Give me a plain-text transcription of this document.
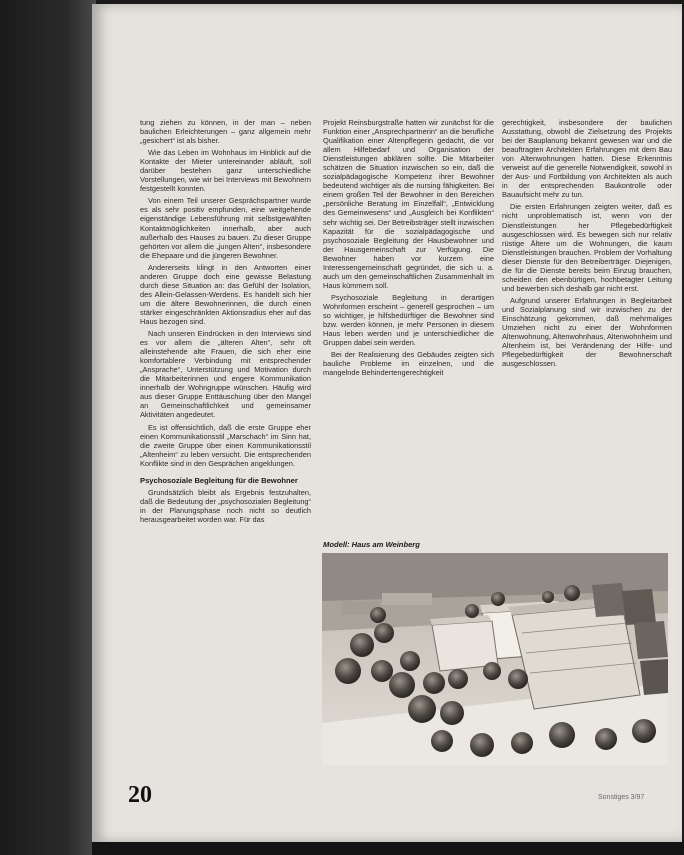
tung ziehen zu können, in der man – neben baulichen Erleichterungen – ganz allgemein mehr „gesichert“ ist als bisher.

Wie das Leben im Wohnhaus im Hinblick auf die Kontakte der Mieter untereinander abläuft, soll darüber bestehen ganz unterschiedliche Vorstellungen, wie wir bei Interviews mit Bewohnern festgestellt konnten.

Von einem Teil unserer Gesprächspartner wurde es als sehr positiv empfunden, eine weitgehende eigenständige Lebensführung mit selbstgewählten Kontaktmöglichkeiten innerhalb, aber auch außerhalb des Hauses zu bauen. Zu dieser Gruppe gehörten vor allem die „jungen Alten“, insbesondere die Ehepaare und die jüngeren Bewohner.

Andererseits klingt in den Antworten einer anderen Gruppe doch eine gewisse Belastung durch diese Situation an: das Gefühl der Isolation, des Allein-Gelassen-Werdens. Es handelt sich hier um die ältere Bewohnerinnen, die durch einen stärker eingeschränkten Aktionsradius eher auf das Haus bezogen sind.

Nach unseren Eindrücken in den Interviews sind es vor allem die „älteren Alten“, sehr oft alleinstehende alte Frauen, die sich eher eine komfortablere Verbindung mit entsprechender „Ansprache“, Unterstützung und Motivation durch die Mitarbeiterinnen und engere Kommunikation innerhalb der Wohngruppe wünschen. Häufig wird aus dieser Gruppe Enttäuschung über den Mangel an Gemeinschaftlichkeit und gemeinsamer Aktivitäten angedeutet.

Es ist offensichtlich, daß die erste Gruppe eher einen Kommunikationsstil „Marschach“ im Sinn hat, die zweite Gruppe über einen Kommunikationsstil „Altenheim“ zu leben versucht. Die entsprechenden Konflikte sind in den Gesprächen angeklungen.

Psychosoziale Begleitung für die Bewohner

Grundsätzlich bleibt als Ergebnis festzuhalten, daß die Bedeutung der „psychosozialen Begleitung“ in der Planungsphase noch nicht so deutlich herausgearbeitet worden war. Für das

Projekt Reinsburgstraße hatten wir zunächst für die Funktion einer „Ansprechpartnerin“ an die berufliche Qualifikation einer Altenpflegerin gedacht, die vor allem Hilfebedarf und Organisation der Dienstleistungen abklären sollte. Die Mitarbeiter schätzen die Situation inzwischen so ein, daß die sozialpädagogische Kompetenz ihrer Bewohner bedeutend wichtiger als die nursing fähigkeiten. Bei einem großen Teil der Bewohner in den Bereichen „persönliche Beratung im Einzelfall“, „Entwicklung des Gemeinwesens“ und „Ausgleich bei Konflikten“ sehr wichtig sei. Der Betreibsträger stellt inzwischen Kapazität für die sozialpädagogische und psychosoziale Begleitung der Hausbewohner und der Hausgemeinschaft zur Verfügung. Die Bewohner haben vor kurzem eine Interessengemeinschaft gegründet, die sich u. a. auch um den gemeinschaftlichen Zusammenhalt im Haus kümmern soll.

Psychosoziale Begleitung in derartigen Wohnformen erscheint – generell gesprochen – um so wichtiger, je hilfsbedürftiger die Bewohner sind bzw. werden können, je mehr Personen in diesem Haus leben werden und je unterschiedlicher die Gruppen dabei sein werden.

Bei der Realisierung des Gebäudes zeigten sich bauliche Probleme im einzelnen, und die mangelnde Behindertengerechtigkeit

gerechtigkeit, insbesondere der baulichen Ausstattung, obwohl die Zielsetzung des Projekts bei der Bauplanung bekannt gewesen war und die beauftragten Architekten Erfahrungen mit dem Bau von Altenwohnungen hatten. Diese Erkenntnis verweist auf die generelle Notwendigkeit, sowohl in der Aus- und Fortbildung von Architekten als auch in der entsprechenden Baukontrolle oder Bauaufsicht mehr zu tun.

Die ersten Erfahrungen zeigten weiter, daß es nicht unproblematisch ist, wenn von der Dienstleistungen her Pflegebedürftigkeit ausgeschlossen wird. Es bewegen sich nur relativ rüstige Ältere um die Wohnungen, die kaum Dienstleistungen brauchen. Problem der Vorhaltung dieser Dienste für den Betreiberträger. Diejenigen, die für die Dienste bereits beim Einzug brauchen, scheiden den ebenbürtigen, hochbetagter Leitung und bewerben sich deshalb gar nicht erst.

Aufgrund unserer Erfahrungen in Begleitarbeit und Sozialplanung sind wir inzwischen zu der Einschätzung gekommen, daß mehrmaliges Umziehen nicht zu einer der Wohnformen Altenwohnung, Altenwohnhaus, Altenwohnheim und Altenheim ist, bei Veränderung der Hilfe- und Pflegebedürftigkeit der Bewohnerschaft ausgeschlossen.

Modell: Haus am Weinberg
20	Sonstiges 3/97
